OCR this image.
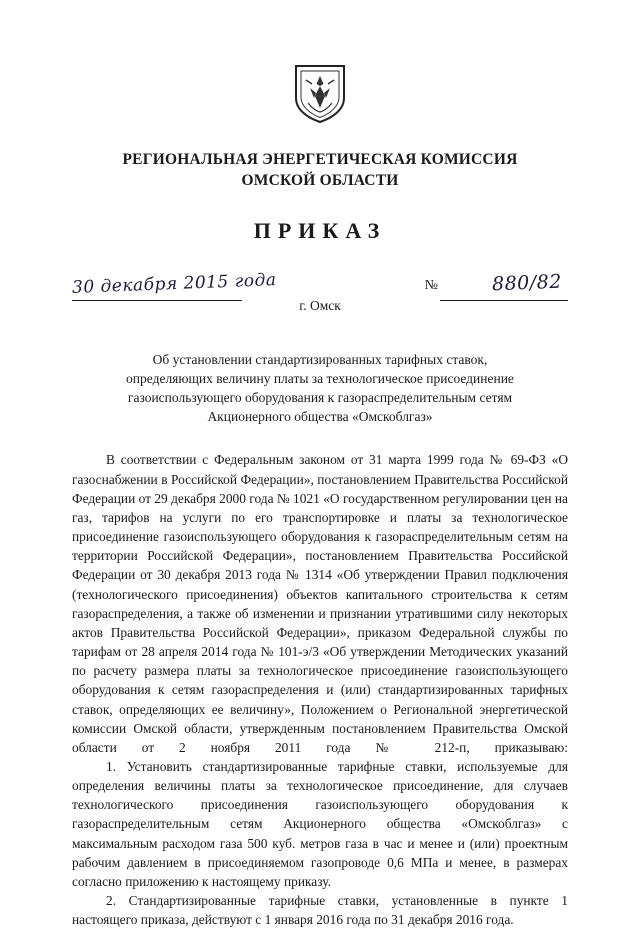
РЕГИОНАЛЬНАЯ ЭНЕРГЕТИЧЕСКАЯ КОМИССИЯ
ОМСКОЙ ОБЛАСТИ
ПРИКАЗ
30 декабря 2015 года
г. Омск
№	880/82
Об установлении стандартизированных тарифных ставок,
определяющих величину платы за технологическое присоединение
газоиспользующего оборудования к газораспределительным сетям
Акционерного общества «Омскоблгаз»

В соответствии с Федеральным законом от 31 марта 1999 года № 69-ФЗ «О газоснабжении в Российской Федерации», постановлением Правительства Российской Федерации от 29 декабря 2000 года № 1021 «О государственном регулировании цен на газ, тарифов на услуги по его транспортировке и платы за технологическое присоединение газоиспользующего оборудования к газораспределительным сетям на территории Российской Федерации», постановлением Правительства Российской Федерации от 30 декабря 2013 года № 1314 «Об утверждении Правил подключения (технологического присоединения) объектов капитального строительства к сетям газораспределения, а также об изменении и признании утратившими силу некоторых актов Правительства Российской Федерации», приказом Федеральной службы по тарифам от 28 апреля 2014 года № 101-э/3 «Об утверждении Методических указаний по расчету размера платы за технологическое присоединение газоиспользующего оборудования к сетям газораспределения и (или) стандартизированных тарифных ставок, определяющих ее величину», Положением о Региональной энергетической комиссии Омской области, утвержденным постановлением Правительства Омской области от 2 ноября 2011 года № 212-п, приказываю:

1. Установить стандартизированные тарифные ставки, используемые для определения величины платы за технологическое присоединение, для случаев технологического присоединения газоиспользующего оборудования к газораспределительным сетям Акционерного общества «Омскоблгаз» с максимальным расходом газа 500 куб. метров газа в час и менее и (или) проектным рабочим давлением в присоединяемом газопроводе 0,6 МПа и менее, в размерах согласно приложению к настоящему приказу.

2. Стандартизированные тарифные ставки, установленные в пункте 1 настоящего приказа, действуют с 1 января 2016 года по 31 декабря 2016 года.
